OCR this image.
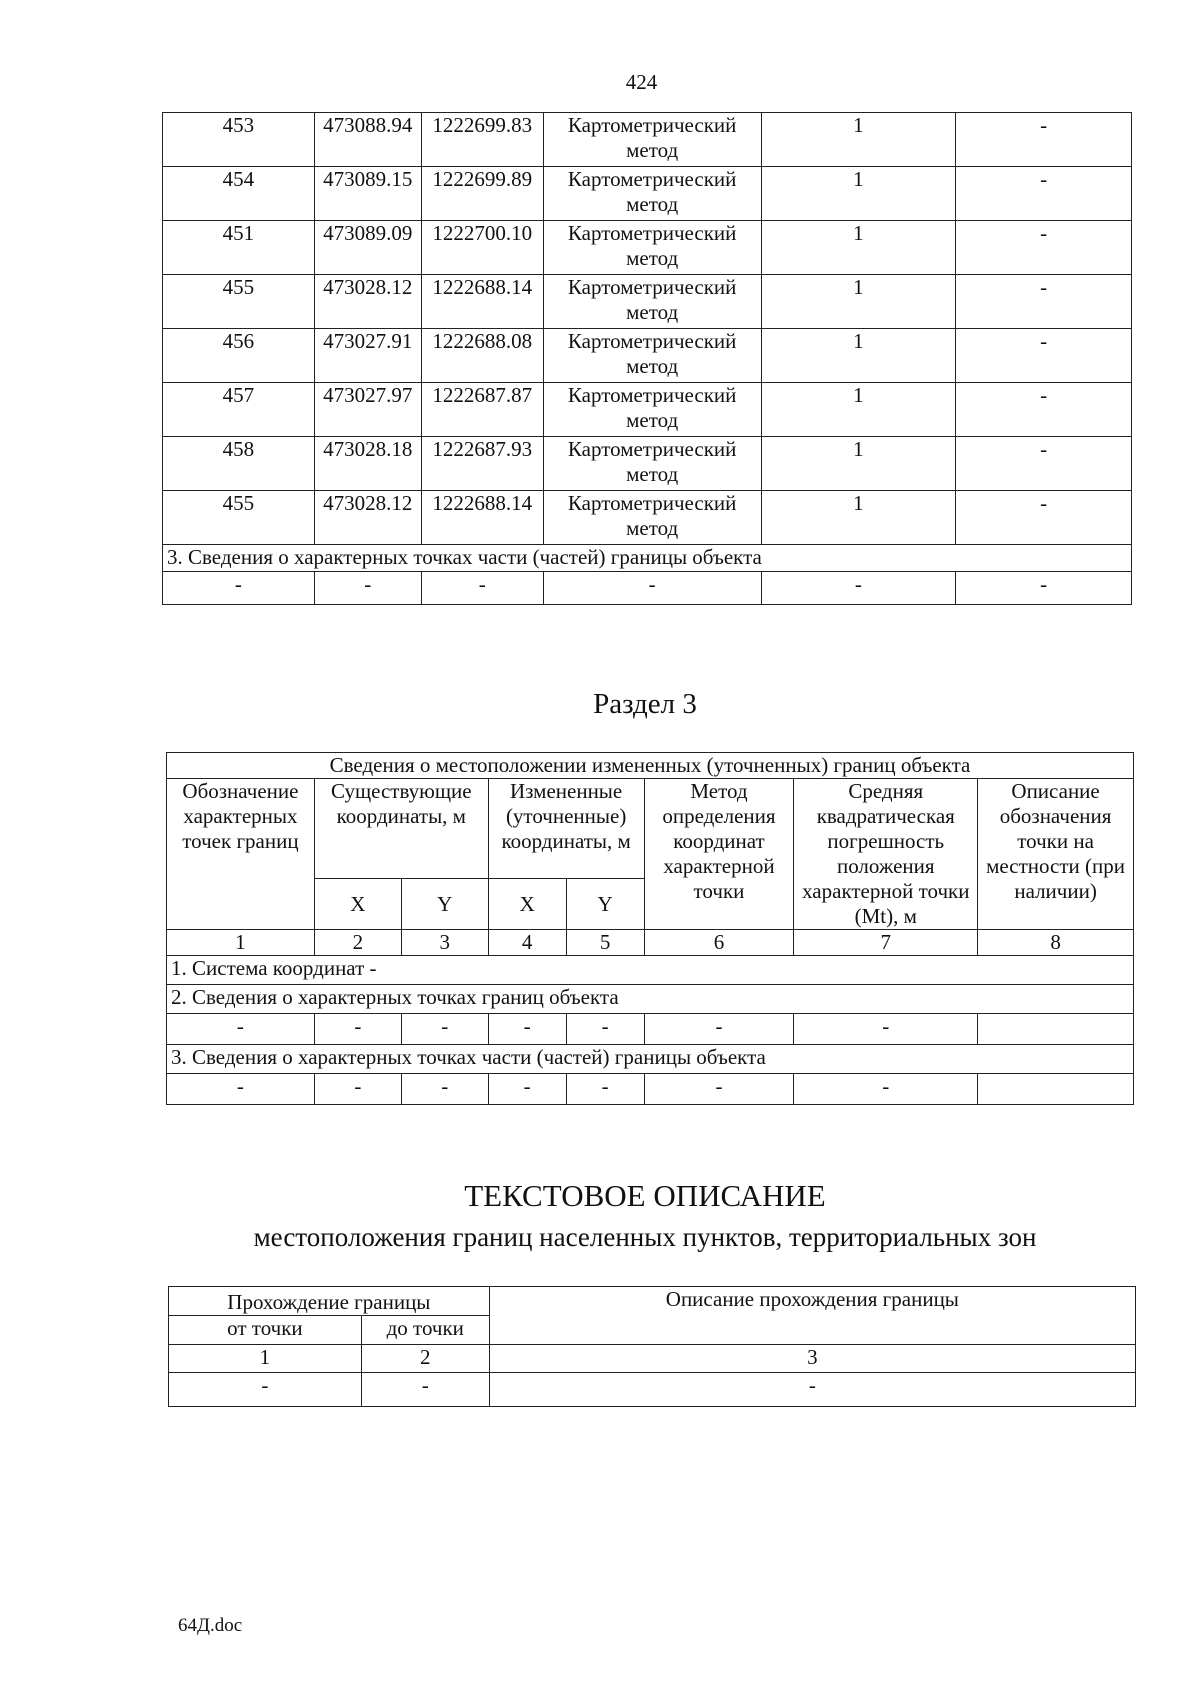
424
453	473088.94	1222699.83	Картометрический метод	1	-
454	473089.15	1222699.89	Картометрический метод	1	-
451	473089.09	1222700.10	Картометрический метод	1	-
455	473028.12	1222688.14	Картометрический метод	1	-
456	473027.91	1222688.08	Картометрический метод	1	-
457	473027.97	1222687.87	Картометрический метод	1	-
458	473028.18	1222687.93	Картометрический метод	1	-
455	473028.12	1222688.14	Картометрический метод	1	-
3. Сведения о характерных точках части (частей) границы объекта					
-	-	-	-	-	-
Раздел 3
Сведения о местоположении измененных (уточненных) границ объекта							
Обозначение характерных точек границ	Существующие координаты, м		Измененные (уточненные) координаты, м		Метод определения координат характерной точки	Средняя квадратическая погрешность положения характерной точки (Mt), м	Описание обозначения точки на местности (при наличии)
	X	Y	X	Y			
1	2	3	4	5	6	7	8
1. Система координат -							
2. Сведения о характерных точках границ объекта							
-	-	-	-	-	-	-	
3. Сведения о характерных точках части (частей) границы объекта							
-	-	-	-	-	-	-	
ТЕКСТОВОЕ ОПИСАНИЕ
местоположения границ населенных пунктов, территориальных зон
Прохождение границы		Описание прохождения границы
от точки	до точки	
1	2	3
-	-	-
64Д.doc
